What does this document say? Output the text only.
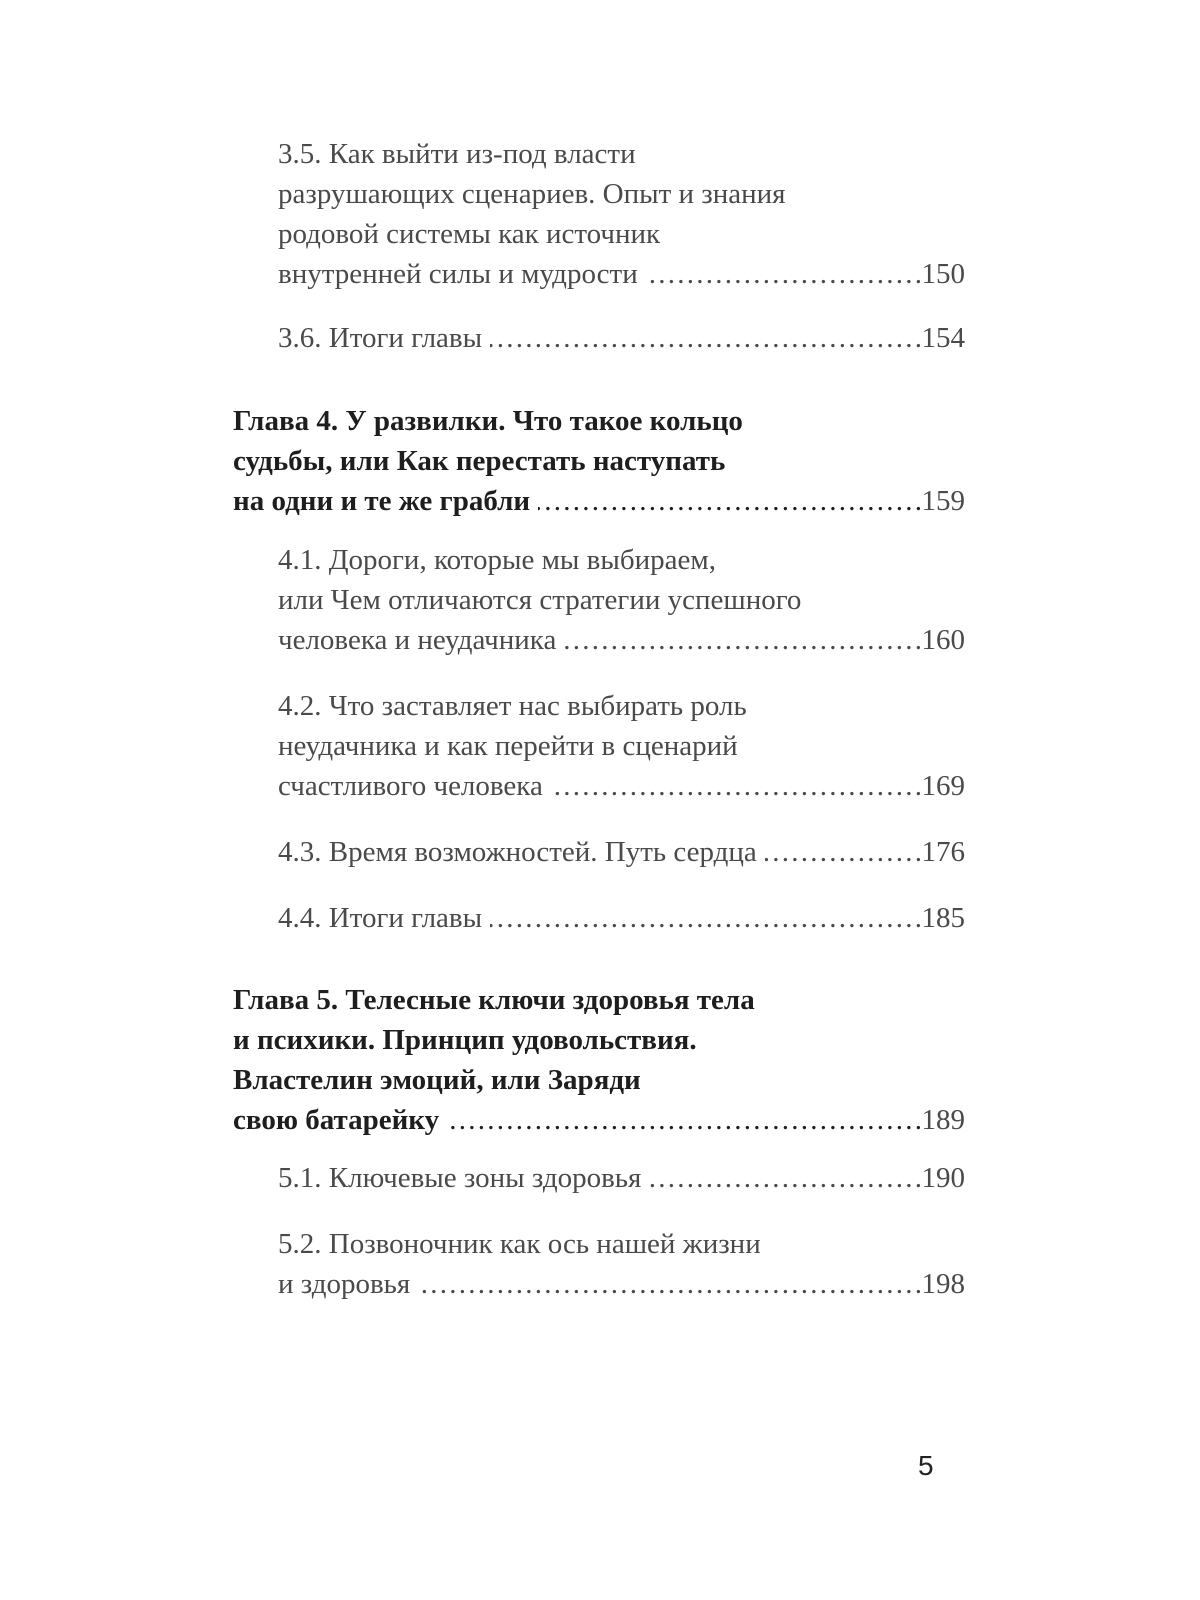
3.5. Как выйти из-под власти
разрушающих сценариев. Опыт и знания
родовой системы как источник
внутренней силы и мудрости . . .	150
3.6. Итоги главы . . .	154
Глава 4. У развилки. Что такое кольцо
судьбы, или Как перестать наступать
на одни и те же грабли . . .	159
4.1. Дороги, которые мы выбираем,
или Чем отличаются стратегии успешного
человека и неудачника . . .	160
4.2. Что заставляет нас выбирать роль
неудачника и как перейти в сценарий
счастливого человека . . .	169
4.3. Время возможностей. Путь сердца . . .	176
4.4. Итоги главы . . .	185
Глава 5. Телесные ключи здоровья тела
и психики. Принцип удовольствия.
Властелин эмоций, или Заряди
свою батарейку . . .	189
5.1. Ключевые зоны здоровья . . .	190
5.2. Позвоночник как ось нашей жизни
и здоровья . . .	198
5
